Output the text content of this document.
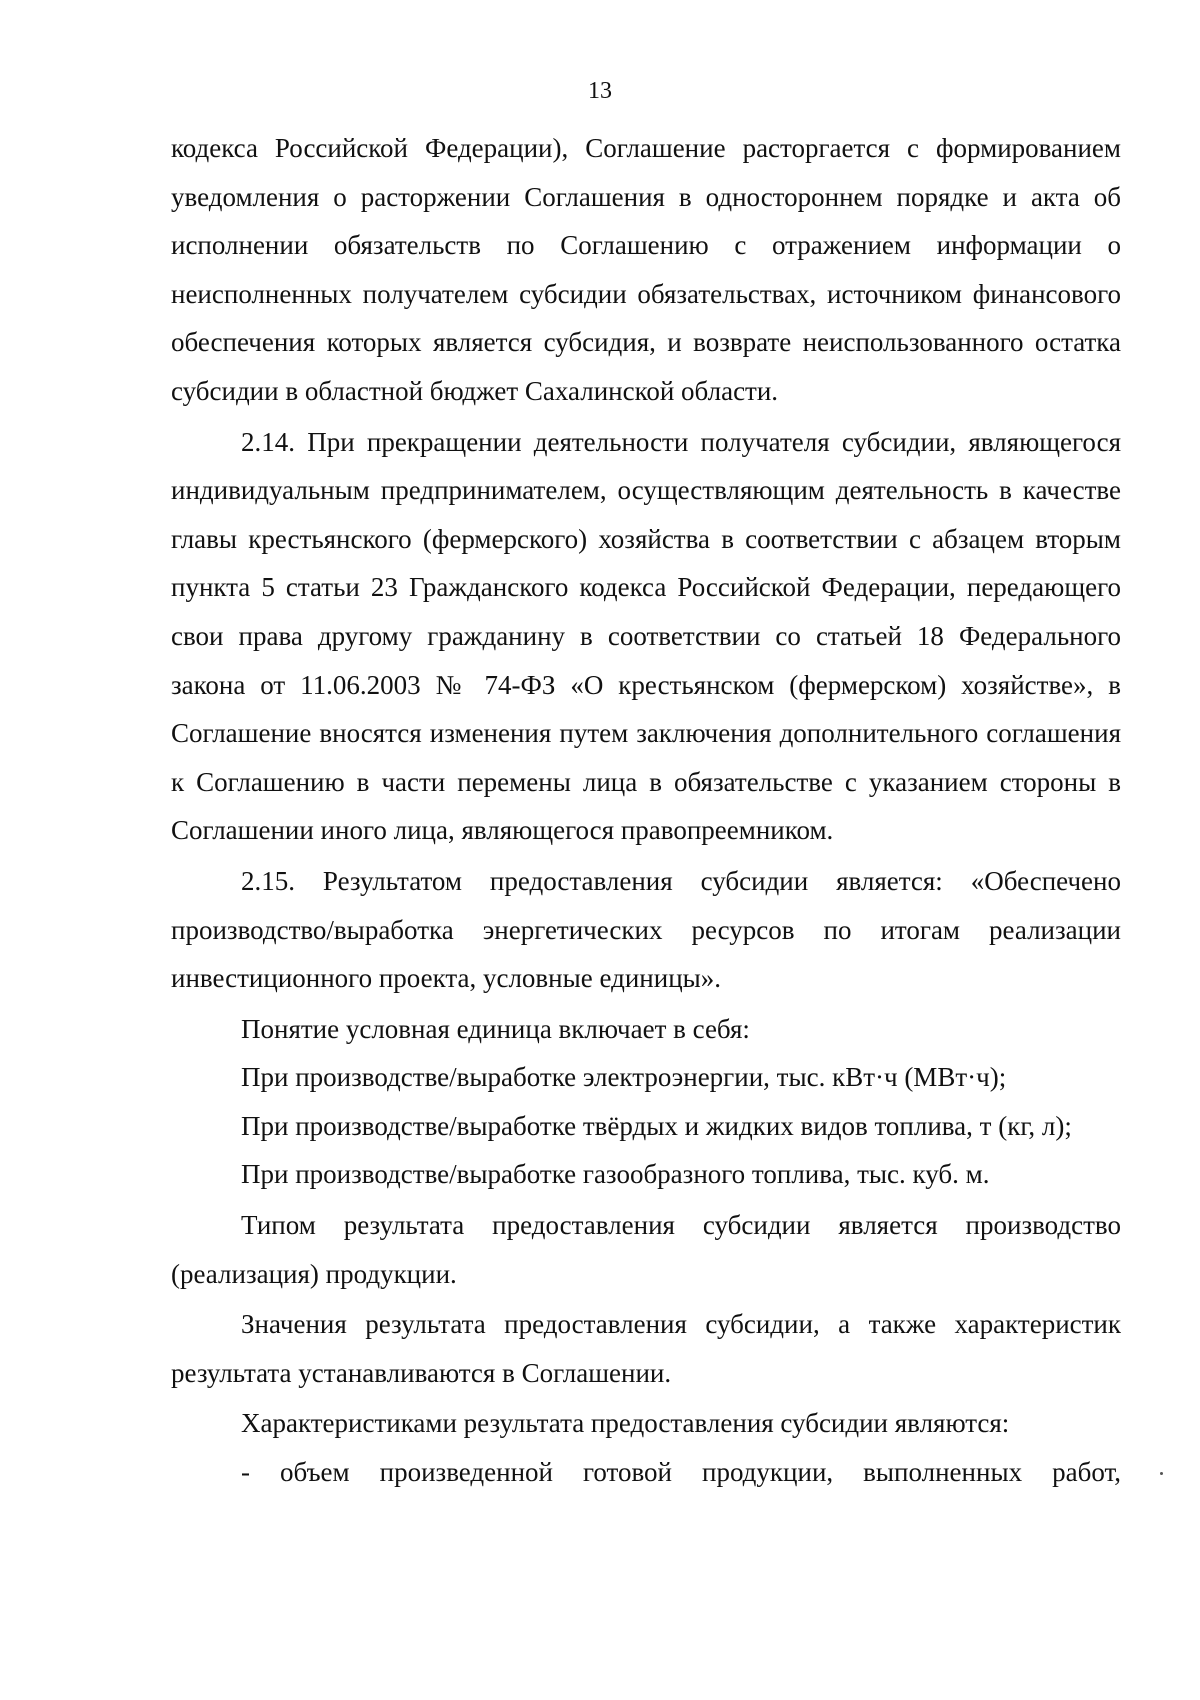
13

кодекса Российской Федерации), Соглашение расторгается с формированием уведомления о расторжении Соглашения в одностороннем порядке и акта об исполнении обязательств по Соглашению с отражением информации о неисполненных получателем субсидии обязательствах, источником финансового обеспечения которых является субсидия, и возврате неиспользованного остатка субсидии в областной бюджет Сахалинской области.

2.14. При прекращении деятельности получателя субсидии, являющегося индивидуальным предпринимателем, осуществляющим деятельность в качестве главы крестьянского (фермерского) хозяйства в соответствии с абзацем вторым пункта 5 статьи 23 Гражданского кодекса Российской Федерации, передающего свои права другому гражданину в соответствии со статьей 18 Федерального закона от 11.06.2003 № 74-ФЗ «О крестьянском (фермерском) хозяйстве», в Соглашение вносятся изменения путем заключения дополнительного соглашения к Соглашению в части перемены лица в обязательстве с указанием стороны в Соглашении иного лица, являющегося правопреемником.

2.15. Результатом предоставления субсидии является: «Обеспечено производство/выработка энергетических ресурсов по итогам реализации инвестиционного проекта, условные единицы».

Понятие условная единица включает в себя:

При производстве/выработке электроэнергии, тыс. кВт·ч (МВт·ч);

При производстве/выработке твёрдых и жидких видов топлива, т (кг, л);

При производстве/выработке газообразного топлива, тыс. куб. м.

Типом результата предоставления субсидии является производство (реализация) продукции.

Значения результата предоставления субсидии, а также характеристик результата устанавливаются в Соглашении.

Характеристиками результата предоставления субсидии являются:

- объем произведенной готовой продукции, выполненных работ,
